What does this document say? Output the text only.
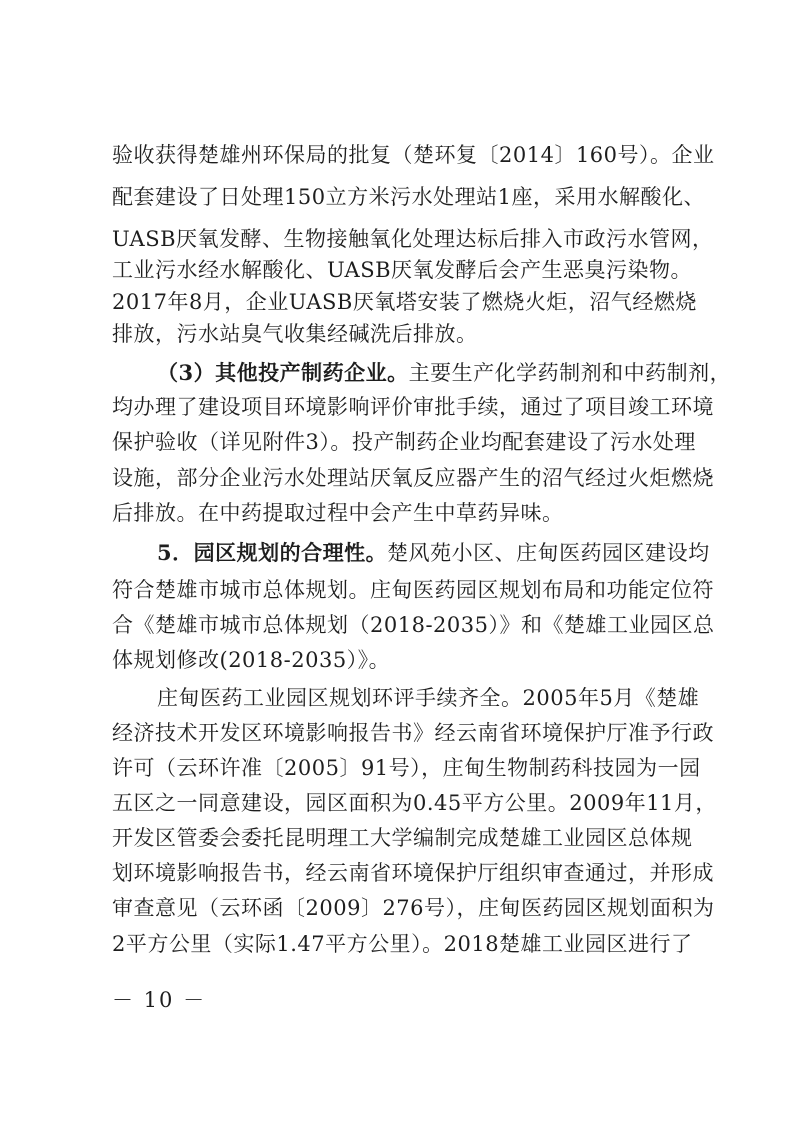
验收获得楚雄州环保局的批复（楚环复〔2014〕160号）。企业
配套建设了日处理150立方米污水处理站1座，采用水解酸化、
UASB厌氧发酵、生物接触氧化处理达标后排入市政污水管网，
工业污水经水解酸化、UASB厌氧发酵后会产生恶臭污染物。
2017年8月，企业UASB厌氧塔安装了燃烧火炬，沼气经燃烧
排放，污水站臭气收集经碱洗后排放。
（3）其他投产制药企业。主要生产化学药制剂和中药制剂，
均办理了建设项目环境影响评价审批手续，通过了项目竣工环境
保护验收（详见附件3）。投产制药企业均配套建设了污水处理
设施，部分企业污水处理站厌氧反应器产生的沼气经过火炬燃烧
后排放。在中药提取过程中会产生中草药异味。
5．园区规划的合理性。楚风苑小区、庄甸医药园区建设均
符合楚雄市城市总体规划。庄甸医药园区规划布局和功能定位符
合《楚雄市城市总体规划（2018-2035）》和《楚雄工业园区总
体规划修改(2018-2035）》。
庄甸医药工业园区规划环评手续齐全。2005年5月《楚雄
经济技术开发区环境影响报告书》经云南省环境保护厅准予行政
许可（云环许准〔2005〕91号），庄甸生物制药科技园为一园
五区之一同意建设，园区面积为0.45平方公里。2009年11月，
开发区管委会委托昆明理工大学编制完成楚雄工业园区总体规
划环境影响报告书，经云南省环境保护厅组织审查通过，并形成
审查意见（云环函〔2009〕276号），庄甸医药园区规划面积为
2平方公里（实际1.47平方公里）。2018楚雄工业园区进行了
－ 10 －
